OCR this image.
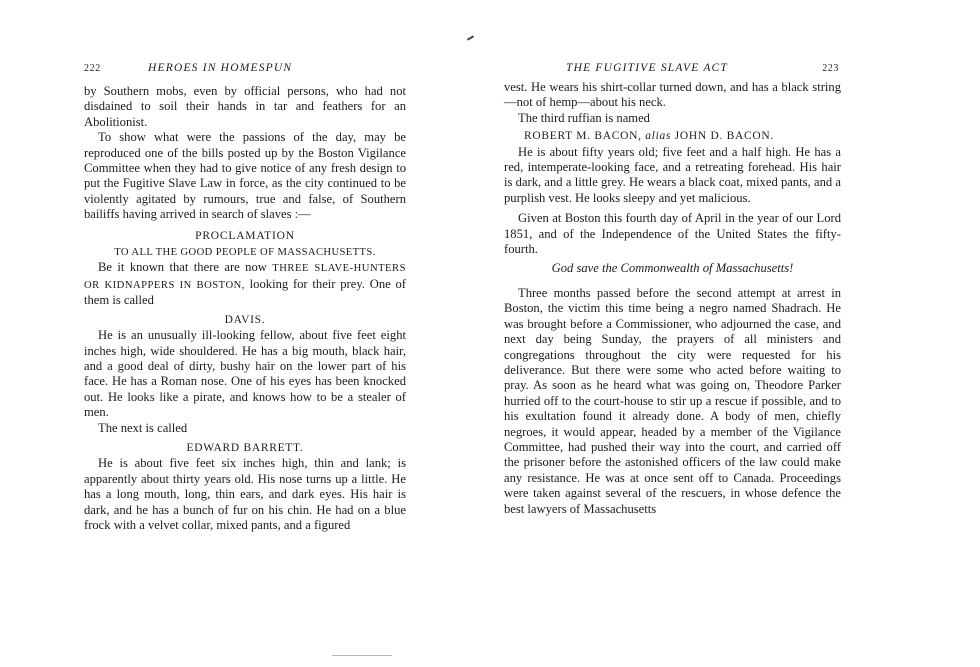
222	HEROES IN HOMESPUN

by Southern mobs, even by official persons, who had not disdained to soil their hands in tar and feathers for an Abolitionist.

To show what were the passions of the day, may be reproduced one of the bills posted up by the Boston Vigilance Committee when they had to give notice of any fresh design to put the Fugitive Slave Law in force, as the city continued to be violently agitated by rumours, true and false, of Southern bailiffs having arrived in search of slaves :—

PROCLAMATION

TO ALL THE GOOD PEOPLE OF MASSACHUSETTS.

Be it known that there are now THREE SLAVE-HUNTERS OR KIDNAPPERS IN BOSTON, looking for their prey. One of them is called

DAVIS.

He is an unusually ill-looking fellow, about five feet eight inches high, wide shouldered. He has a big mouth, black hair, and a good deal of dirty, bushy hair on the lower part of his face. He has a Roman nose. One of his eyes has been knocked out. He looks like a pirate, and knows how to be a stealer of men.

The next is called

EDWARD BARRETT.

He is about five feet six inches high, thin and lank; is apparently about thirty years old. His nose turns up a little. He has a long mouth, long, thin ears, and dark eyes. His hair is dark, and he has a bunch of fur on his chin. He had on a blue frock with a velvet collar, mixed pants, and a figured

THE FUGITIVE SLAVE ACT	223

vest. He wears his shirt-collar turned down, and has a black string—not of hemp—about his neck.

The third ruffian is named

ROBERT M. BACON, alias JOHN D. BACON.

He is about fifty years old; five feet and a half high. He has a red, intemperate-looking face, and a retreating forehead. His hair is dark, and a little grey. He wears a black coat, mixed pants, and a purplish vest. He looks sleepy and yet malicious.

Given at Boston this fourth day of April in the year of our Lord 1851, and of the Independence of the United States the fifty-fourth.

God save the Commonwealth of Massachusetts!

Three months passed before the second attempt at arrest in Boston, the victim this time being a negro named Shadrach. He was brought before a Commissioner, who adjourned the case, and next day being Sunday, the prayers of all ministers and congregations throughout the city were requested for his deliverance. But there were some who acted before waiting to pray. As soon as he heard what was going on, Theodore Parker hurried off to the court-house to stir up a rescue if possible, and to his exultation found it already done. A body of men, chiefly negroes, it would appear, headed by a member of the Vigilance Committee, had pushed their way into the court, and carried off the prisoner before the astonished officers of the law could make any resistance. He was at once sent off to Canada. Proceedings were taken against several of the rescuers, in whose defence the best lawyers of Massachusetts
